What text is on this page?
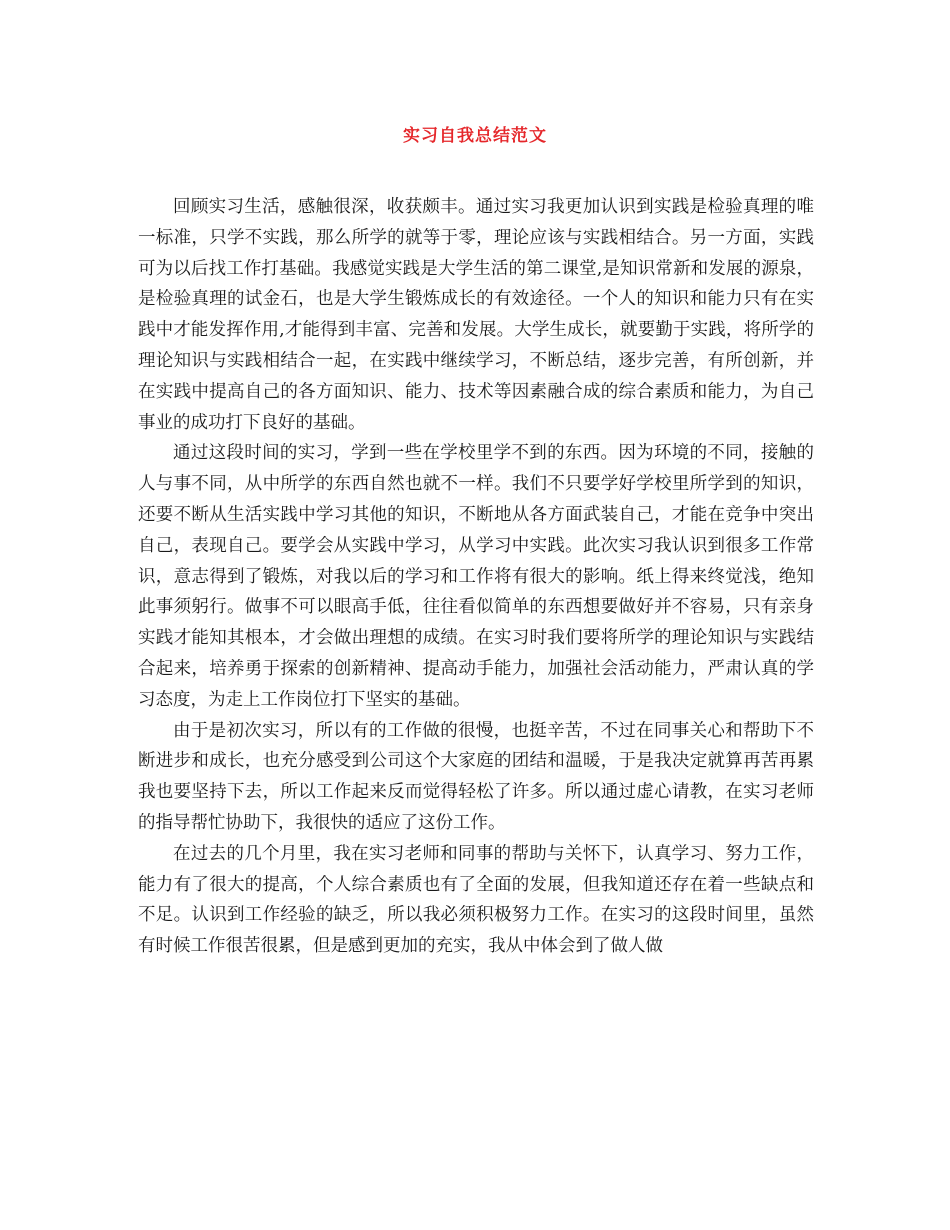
实习自我总结范文

回顾实习生活，感触很深，收获颇丰。通过实习我更加认识到实践是检验真理的唯一标准，只学不实践，那么所学的就等于零，理论应该与实践相结合。另一方面，实践可为以后找工作打基础。我感觉实践是大学生活的第二课堂,是知识常新和发展的源泉，是检验真理的试金石，也是大学生锻炼成长的有效途径。一个人的知识和能力只有在实践中才能发挥作用,才能得到丰富、完善和发展。大学生成长，就要勤于实践，将所学的理论知识与实践相结合一起，在实践中继续学习，不断总结，逐步完善，有所创新，并在实践中提高自己的各方面知识、能力、技术等因素融合成的综合素质和能力，为自己事业的成功打下良好的基础。

通过这段时间的实习，学到一些在学校里学不到的东西。因为环境的不同，接触的人与事不同，从中所学的东西自然也就不一样。我们不只要学好学校里所学到的知识，还要不断从生活实践中学习其他的知识，不断地从各方面武装自己，才能在竞争中突出自己，表现自己。要学会从实践中学习，从学习中实践。此次实习我认识到很多工作常识，意志得到了锻炼，对我以后的学习和工作将有很大的影响。纸上得来终觉浅，绝知此事须躬行。做事不可以眼高手低，往往看似简单的东西想要做好并不容易，只有亲身实践才能知其根本，才会做出理想的成绩。在实习时我们要将所学的理论知识与实践结合起来，培养勇于探索的创新精神、提高动手能力，加强社会活动能力，严肃认真的学习态度，为走上工作岗位打下坚实的基础。

由于是初次实习，所以有的工作做的很慢，也挺辛苦，不过在同事关心和帮助下不断进步和成长，也充分感受到公司这个大家庭的团结和温暖，于是我决定就算再苦再累我也要坚持下去，所以工作起来反而觉得轻松了许多。所以通过虚心请教，在实习老师的指导帮忙协助下，我很快的适应了这份工作。

在过去的几个月里，我在实习老师和同事的帮助与关怀下，认真学习、努力工作，能力有了很大的提高，个人综合素质也有了全面的发展，但我知道还存在着一些缺点和不足。认识到工作经验的缺乏，所以我必须积极努力工作。在实习的这段时间里，虽然有时候工作很苦很累，但是感到更加的充实，我从中体会到了做人做
